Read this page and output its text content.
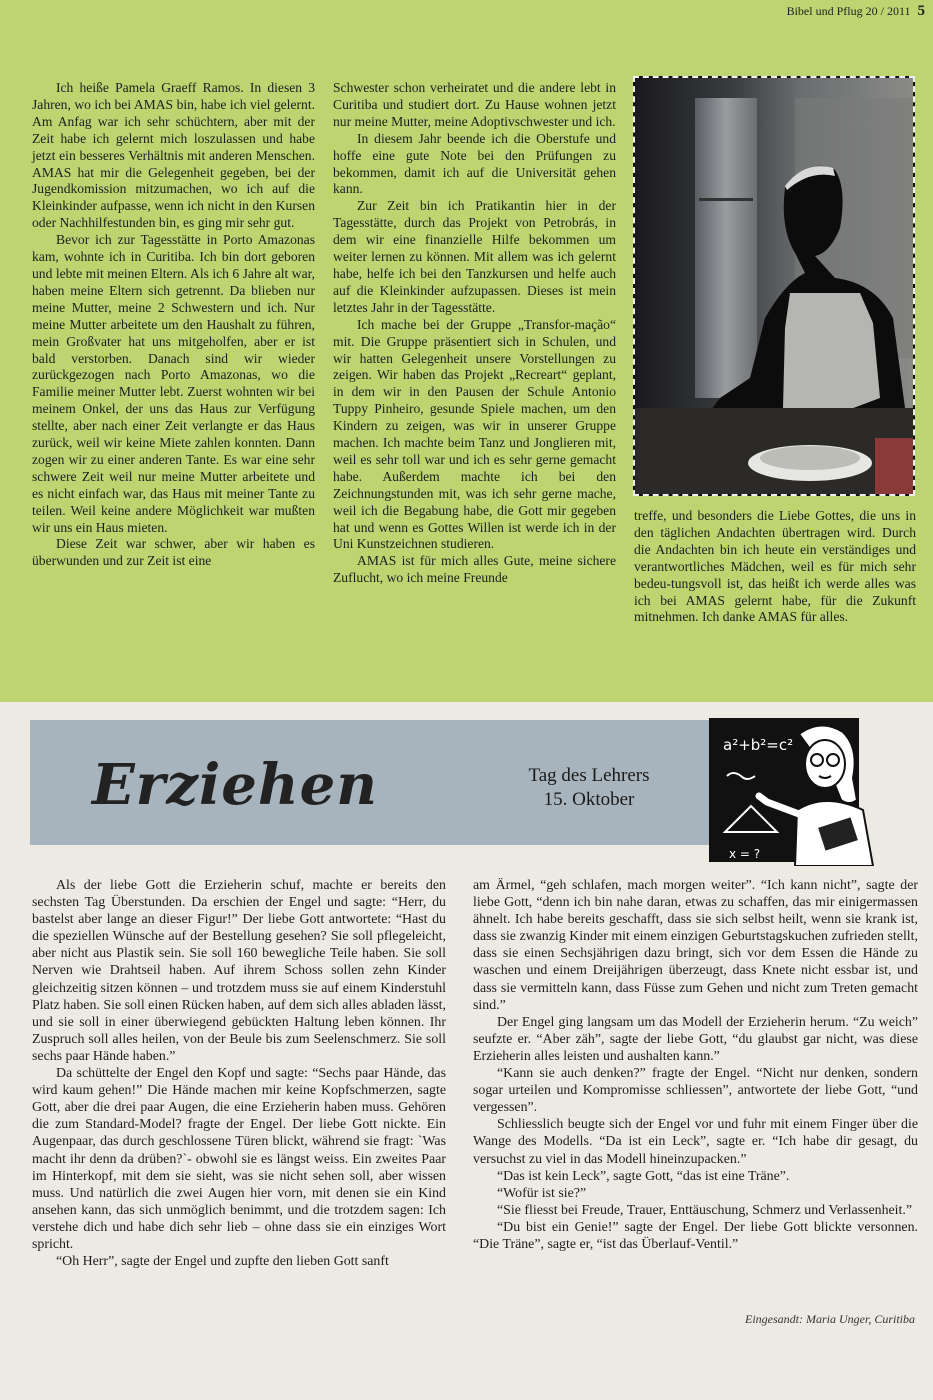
Bibel und Pflug 20 / 2011 5

Ich heiße Pamela Graeff Ramos. In diesen 3 Jahren, wo ich bei AMAS bin, habe ich viel gelernt. Am Anfag war ich sehr schüchtern, aber mit der Zeit habe ich gelernt mich loszulassen und habe jetzt ein besseres Verhältnis mit anderen Menschen. AMAS hat mir die Gelegenheit gegeben, bei der Jugendkomission mitzumachen, wo ich auf die Kleinkinder aufpasse, wenn ich nicht in den Kursen oder Nachhilfestunden bin, es ging mir sehr gut.

Bevor ich zur Tagesstätte in Porto Amazonas kam, wohnte ich in Curitiba. Ich bin dort geboren und lebte mit meinen Eltern. Als ich 6 Jahre alt war, haben meine Eltern sich getrennt. Da blieben nur meine Mutter, meine 2 Schwestern und ich. Nur meine Mutter arbeitete um den Haushalt zu führen, mein Großvater hat uns mitgeholfen, aber er ist bald verstorben. Danach sind wir wieder zurückgezogen nach Porto Amazonas, wo die Familie meiner Mutter lebt. Zuerst wohnten wir bei meinem Onkel, der uns das Haus zur Verfügung stellte, aber nach einer Zeit verlangte er das Haus zurück, weil wir keine Miete zahlen konnten. Dann zogen wir zu einer anderen Tante. Es war eine sehr schwere Zeit weil nur meine Mutter arbeitete und es nicht einfach war, das Haus mit meiner Tante zu teilen. Weil keine andere Möglichkeit war mußten wir uns ein Haus mieten.

Diese Zeit war schwer, aber wir haben es überwunden und zur Zeit ist eine

Schwester schon verheiratet und die andere lebt in Curitiba und studiert dort. Zu Hause wohnen jetzt nur meine Mutter, meine Adoptivschwester und ich.

In diesem Jahr beende ich die Oberstufe und hoffe eine gute Note bei den Prüfungen zu bekommen, damit ich auf die Universität gehen kann.

Zur Zeit bin ich Pratikantin hier in der Tagesstätte, durch das Projekt von Petrobrás, in dem wir eine finanzielle Hilfe bekommen um weiter lernen zu können. Mit allem was ich gelernt habe, helfe ich bei den Tanzkursen und helfe auch auf die Kleinkinder aufzupassen. Dieses ist mein letztes Jahr in der Tagesstätte.

Ich mache bei der Gruppe „Transfor-mação“ mit. Die Gruppe präsentiert sich in Schulen, und wir hatten Gelegenheit unsere Vorstellungen zu zeigen. Wir haben das Projekt „Recreart“ geplant, in dem wir in den Pausen der Schule Antonio Tuppy Pinheiro, gesunde Spiele machen, um den Kindern zu zeigen, was wir in unserer Gruppe machen. Ich machte beim Tanz und Jonglieren mit, weil es sehr toll war und ich es sehr gerne gemacht habe. Außerdem machte ich bei den Zeichnungstunden mit, was ich sehr gerne mache, weil ich die Begabung habe, die Gott mir gegeben hat und wenn es Gottes Willen ist werde ich in der Uni Kunstzeichnen studieren.

AMAS ist für mich alles Gute, meine sichere Zuflucht, wo ich meine Freunde

treffe, und besonders die Liebe Gottes, die uns in den täglichen Andachten übertragen wird. Durch die Andachten bin ich heute ein verständiges und verantwortliches Mädchen, weil es für mich sehr bedeu-tungsvoll ist, das heißt ich werde alles was ich bei AMAS gelernt habe, für die Zukunft mitnehmen. Ich danke AMAS für alles.

Erziehen	Tag des Lehrers
15. Oktober
a²+b²=c²
x = ?

Als der liebe Gott die Erzieherin schuf, machte er bereits den sechsten Tag Überstunden. Da erschien der Engel und sagte: “Herr, du bastelst aber lange an dieser Figur!” Der liebe Gott antwortete: “Hast du die speziellen Wünsche auf der Bestellung gesehen? Sie soll pflegeleicht, aber nicht aus Plastik sein. Sie soll 160 bewegliche Teile haben. Sie soll Nerven wie Drahtseil haben. Auf ihrem Schoss sollen zehn Kinder gleichzeitig sitzen können – und trotzdem muss sie auf einem Kinderstuhl Platz haben. Sie soll einen Rücken haben, auf dem sich alles abladen lässt, und sie soll in einer überwiegend gebückten Haltung leben können. Ihr Zuspruch soll alles heilen, von der Beule bis zum Seelenschmerz. Sie soll sechs paar Hände haben.”

Da schüttelte der Engel den Kopf und sagte: “Sechs paar Hände, das wird kaum gehen!” Die Hände machen mir keine Kopfschmerzen, sagte Gott, aber die drei paar Augen, die eine Erzieherin haben muss. Gehören die zum Standard-Model? fragte der Engel. Der liebe Gott nickte. Ein Augenpaar, das durch geschlossene Türen blickt, während sie fragt: `Was macht ihr denn da drüben?`- obwohl sie es längst weiss. Ein zweites Paar im Hinterkopf, mit dem sie sieht, was sie nicht sehen soll, aber wissen muss. Und natürlich die zwei Augen hier vorn, mit denen sie ein Kind ansehen kann, das sich unmöglich benimmt, und die trotzdem sagen: Ich verstehe dich und habe dich sehr lieb – ohne dass sie ein einziges Wort spricht.

“Oh Herr”, sagte der Engel und zupfte den lieben Gott sanft

am Ärmel, “geh schlafen, mach morgen weiter”. “Ich kann nicht”, sagte der liebe Gott, “denn ich bin nahe daran, etwas zu schaffen, das mir einigermassen ähnelt. Ich habe bereits geschafft, dass sie sich selbst heilt, wenn sie krank ist, dass sie zwanzig Kinder mit einem einzigen Geburtstagskuchen zufrieden stellt, dass sie einen Sechsjährigen dazu bringt, sich vor dem Essen die Hände zu waschen und einem Dreijährigen überzeugt, dass Knete nicht essbar ist, und dass sie vermitteln kann, dass Füsse zum Gehen und nicht zum Treten gemacht sind.”

Der Engel ging langsam um das Modell der Erzieherin herum. “Zu weich” seufzte er. “Aber zäh”, sagte der liebe Gott, “du glaubst gar nicht, was diese Erzieherin alles leisten und aushalten kann.”

“Kann sie auch denken?” fragte der Engel. “Nicht nur denken, sondern sogar urteilen und Kompromisse schliessen”, antwortete der liebe Gott, “und vergessen”.

Schliesslich beugte sich der Engel vor und fuhr mit einem Finger über die Wange des Modells. “Da ist ein Leck”, sagte er. “Ich habe dir gesagt, du versuchst zu viel in das Modell hineinzupacken.”

“Das ist kein Leck”, sagte Gott, “das ist eine Träne”.

“Wofür ist sie?”

“Sie fliesst bei Freude, Trauer, Enttäuschung, Schmerz und Verlassenheit.”

“Du bist ein Genie!” sagte der Engel. Der liebe Gott blickte versonnen. “Die Träne”, sagte er, “ist das Überlauf-Ventil.”

Eingesandt: Maria Unger, Curitiba
